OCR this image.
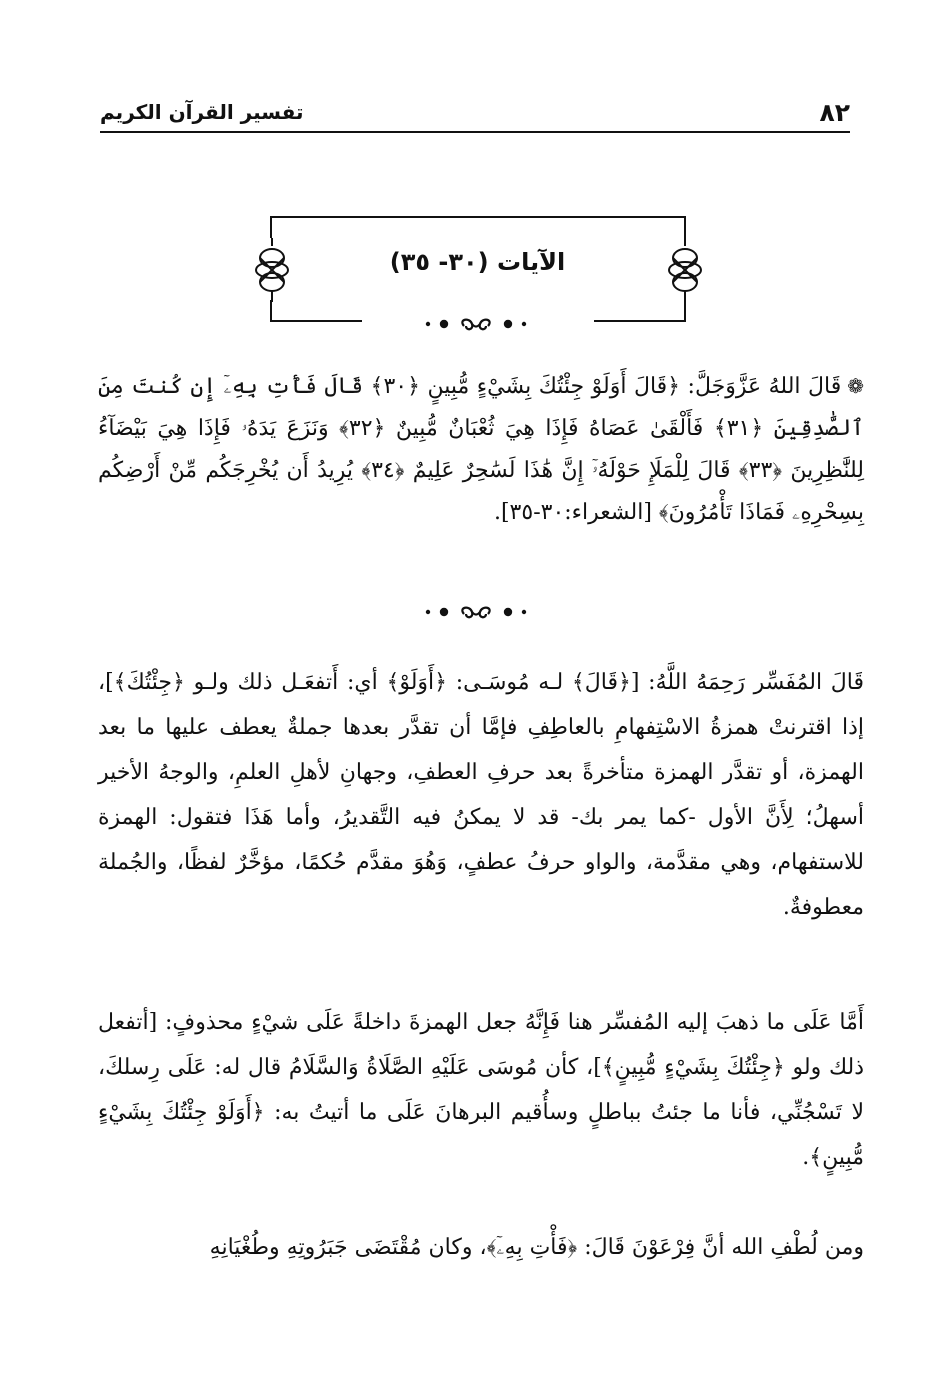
٨٢
تفسير القرآن الكريم
الآيات (٣٠- ٣٥)
❁قَالَ اللهُ عَزَّوَجَلَّ: ﴿قَالَ أَوَلَوْ جِئْتُكَ بِشَيْءٍ مُّبِينٍ ﴿٣٠﴾ قَالَ فَأْتِ بِهِۦٓ إِن كُنتَ مِنَ ٱلصَّٰدِقِينَ ﴿٣١﴾ فَأَلْقَىٰ عَصَاهُ فَإِذَا هِيَ ثُعْبَانٌ مُّبِينٌ ﴿٣٢﴾ وَنَزَعَ يَدَهُۥ فَإِذَا هِيَ بَيْضَآءُ لِلنَّٰظِرِينَ ﴿٣٣﴾ قَالَ لِلْمَلَإِ حَوْلَهُۥٓ إِنَّ هَٰذَا لَسَٰحِرٌ عَلِيمٌ ﴿٣٤﴾ يُرِيدُ أَن يُخْرِجَكُم مِّنْ أَرْضِكُم بِسِحْرِهِۦ فَمَاذَا تَأْمُرُونَ﴾ [الشعراء:٣٠-٣٥].
قَالَ المُفَسِّر رَحِمَهُ اللَّهُ: [﴿قَالَ﴾ لـه مُوسَـى: ﴿أَوَلَوْ﴾ أي: أَتفعَـل ذلك ولـو ﴿جِئْتُكَ﴾]، إذا اقترنتْ همزةُ الاسْتِفهامِ بالعاطِفِ فإمَّا أن تقدَّر بعدها جملةٌ يعطف عليها ما بعد الهمزة، أو تقدَّر الهمزة متأخرةً بعد حرفِ العطفِ، وجهانِ لأهلِ العلمِ، والوجهُ الأخير أسهلُ؛ لِأَنَّ الأول -كما يمر بك- قد لا يمكنُ فيه التَّقديرُ، وأما هَذَا فتقول: الهمزة للاستفهام، وهي مقدَّمة، والواو حرفُ عطفٍ، وَهُوَ مقدَّم حُكمًا، مؤخَّرٌ لفظًا، والجُملة معطوفةٌ.
أَمَّا عَلَى ما ذهبَ إليه المُفسِّر هنا فَإِنَّهُ جعل الهمزةَ داخلةً عَلَى شيْءٍ محذوفٍ: [أتفعل ذلك ولو ﴿جِئْتُكَ بِشَيْءٍ مُّبِينٍ﴾]، كأن مُوسَى عَلَيْهِ الصَّلَاةُ وَالسَّلَامُ قال له: عَلَى رِسلكَ، لا تَسْجُنِّي، فأنا ما جئتُ بباطلٍ وسأُقيم البرهانَ عَلَى ما أتيتُ به: ﴿أَوَلَوْ جِئْتُكَ بِشَيْءٍ مُّبِينٍ﴾.
ومن لُطْفِ الله أنَّ فِرْعَوْنَ قَالَ: ﴿فَأْتِ بِهِۦٓ﴾، وكان مُقْتَضَى جَبَرُوتِهِ وطُغْيَانِهِ
